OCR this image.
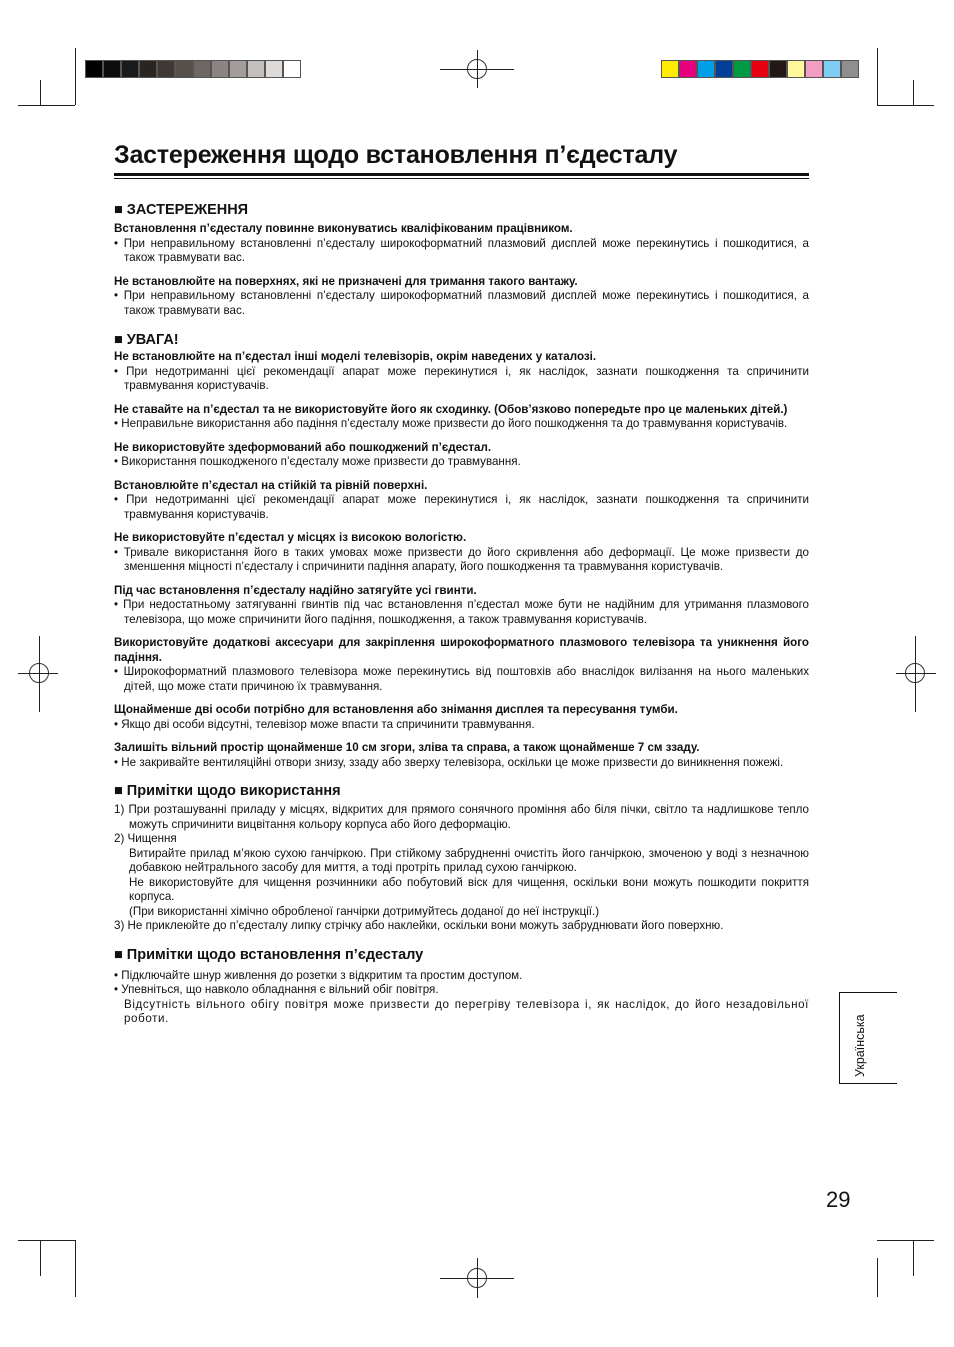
Застереження щодо встановлення п’єдесталу

■ ЗАСТЕРЕЖЕННЯ

Встановлення п’єдесталу повинне виконуватись кваліфікованим працівником.

• При неправильному встановленні п’єдесталу широкоформатний плазмовий дисплей може перекинутись і пошкодитися, а також травмувати вас.

Не встановлюйте на поверхнях, які не призначені для тримання такого вантажу.

• При неправильному встановленні п’єдесталу широкоформатний плазмовий дисплей може перекинутись і пошкодитися, а також травмувати вас.

■ УВАГА!

Не встановлюйте на п’єдестал інші моделі телевізорів, окрім наведених у каталозі.

• При недотриманні цієї рекомендації апарат може перекинутися і, як наслідок, зазнати пошкодження та спричинити травмування користувачів.

Не ставайте на п’єдестал та не використовуйте його як сходинку. (Обов’язково попередьте про це маленьких дітей.)

• Неправильне використання або падіння п’єдесталу може призвести до його пошкодження та до травмування користувачів.

Не використовуйте здеформований або пошкоджений п’єдестал.

• Використання пошкодженого п’єдесталу може призвести до травмування.

Встановлюйте п’єдестал на стійкій та рівній поверхні.

• При недотриманні цієї рекомендації апарат може перекинутися і, як наслідок, зазнати пошкодження та спричинити травмування користувачів.

Не використовуйте п’єдестал у місцях із високою вологістю.

• Тривале використання його в таких умовах може призвести до його скривлення або деформації. Це може призвести до зменшення міцності п’єдесталу і спричинити падіння апарату, його пошкодження та травмування користувачів.

Під час встановлення п’єдесталу надійно затягуйте усі гвинти.

• При недостатньому затягуванні гвинтів під час встановлення п’єдестал може бути не надійним для утримання плазмового телевізора, що може спричинити його падіння, пошкодження, а також травмування користувачів.

Використовуйте додаткові аксесуари для закріплення широкоформатного плазмового телевізора та уникнення його падіння.

• Широкоформатний плазмового телевізора може перекинутись від поштовхів або внаслідок вилізання на нього маленьких дітей, що може стати причиною їх травмування.

Щонайменше дві особи потрібно для встановлення або знімання дисплея та пересування тумби.

• Якщо дві особи відсутні, телевізор може впасти та спричинити травмування.

Залишіть вільний простір щонайменше 10 см згори, зліва та справа, а також щонайменше 7 см ззаду.

• Не закривайте вентиляційні отвори знизу, ззаду або зверху телевізора, оскільки це може призвести до виникнення пожежі.

■ Примітки щодо використання

1) При розташуванні приладу у місцях, відкритих для прямого сонячного проміння або біля пічки, світло та надлишкове тепло можуть спричинити вицвітання кольору корпуса або його деформацію.

2) Чищення

Витирайте прилад м’якою сухою ганчіркою. При стійкому забрудненні очистіть його ганчіркою, змоченою у воді з незначною добавкою нейтрального засобу для миття, а тоді протріть прилад сухою ганчіркою.

Не використовуйте для чищення розчинники або побутовий віск для чищення, оскільки вони можуть пошкодити покриття корпуса.

(При використанні хімічно обробленої ганчірки дотримуйтесь доданої до неї інструкції.)

3) Не приклеюйте до п’єдесталу липку стрічку або наклейки, оскільки вони можуть забруднювати його поверхню.

■ Примітки щодо встановлення п’єдесталу

• Підключайте шнур живлення до розетки з відкритим та простим доступом.

• Упевніться, що навколо обладнання є вільний обіг повітря.

Відсутність вільного обігу повітря може призвести до перегріву телевізора і, як наслідок, до його незадовільної роботи.	Українська
29
